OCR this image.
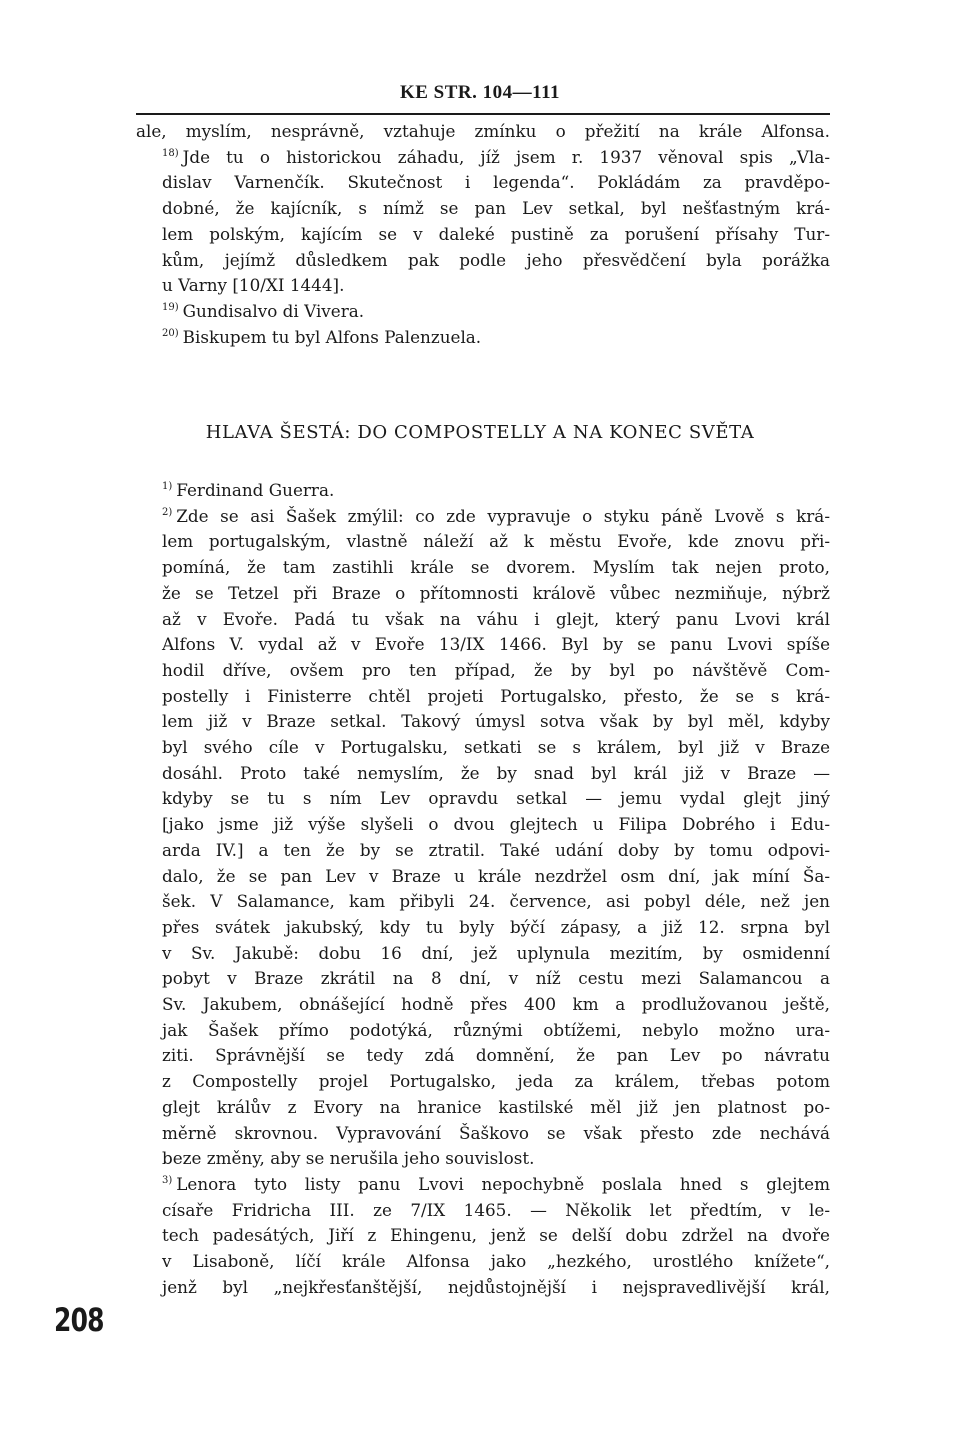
KE STR. 104—111
ale, myslím, nesprávně, vztahuje zmínku o přežití na krále Alfonsa.
$^{18)}$ Jde tu o historickou záhadu, jíž jsem r. 1937 věnoval spis „Vla-
dislav Varnenčík. Skutečnost i legenda“. Pokládám za pravděpo-
dobné, že kajícník, s nímž se pan Lev setkal, byl nešťastným krá-
lem polským, kajícím se v daleké pustině za porušení přísahy Tur-
kům, jejímž důsledkem pak podle jeho přesvědčení byla porážka
u Varny [10/XI 1444].
$^{19)}$ Gundisalvo di Vivera.
$^{20)}$ Biskupem tu byl Alfons Palenzuela.
HLAVA ŠESTÁ: DO COMPOSTELLY A NA KONEC SVĚTA
$^{1)}$ Ferdinand Guerra.
$^{2)}$ Zde se asi Šašek zmýlil: co zde vypravuje o styku páně Lvově s krá-
lem portugalským, vlastně náleží až k městu Evoře, kde znovu při-
pomíná, že tam zastihli krále se dvorem. Myslím tak nejen proto,
že se Tetzel při Braze o přítomnosti královĕ vůbec nezmiňuje, nýbrž
až v Evoře. Padá tu však na váhu i glejt, který panu Lvovi král
Alfons V. vydal až v Evoře 13/IX 1466. Byl by se panu Lvovi spíše
hodil dříve, ovšem pro ten případ, že by byl po návštěvě Com-
postelly i Finisterre chtěl projeti Portugalsko, přesto, že se s krá-
lem již v Braze setkal. Takový úmysl sotva však by byl měl, kdyby
byl svého cíle v Portugalsku, setkati se s králem, byl již v Braze
dosáhl. Proto také nemyslím, že by snad byl král již v Braze —
kdyby se tu s ním Lev opravdu setkal — jemu vydal glejt jiný
[jako jsme již výše slyšeli o dvou glejtech u Filipa Dobrého i Edu-
arda IV.] a ten že by se ztratil. Také udání doby by tomu odpovi-
dalo, že se pan Lev v Braze u krále nezdržel osm dní, jak míní Ša-
šek. V Salamance, kam přibyli 24. července, asi pobyl déle, než jen
přes svátek jakubský, kdy tu byly býčí zápasy, a již 12. srpna byl
v Sv. Jakubě: dobu 16 dní, jež uplynula mezitím, by osmidenní
pobyt v Braze zkrátil na 8 dní, v níž cestu mezi Salamancou a
Sv. Jakubem, obnášející hodně přes 400 km a prodlužovanou ještě,
jak Šašek přímo podotýká, různými obtížemi, nebylo možno ura-
ziti. Správnější se tedy zdá domnění, že pan Lev po návratu
z Compostelly projel Portugalsko, jeda za králem, třebas potom
glejt králův z Evory na hranice kastilské měl již jen platnost po-
měrně skrovnou. Vypravování Šaškovo se však přesto zde nechává
beze změny, aby se nerušila jeho souvislost.
$^{3)}$ Lenora tyto listy panu Lvovi nepochybně poslala hned s glejtem
císaře Fridricha III. ze 7/IX 1465. — Několik let předtím, v le-
tech padesátých, Jiří z Ehingenu, jenž se delší dobu zdržel na dvoře
v Lisaboně, líčí krále Alfonsa jako „hezkého, urostlého knížete“,
jenž byl „nejkřesťanštější, nejdůstojnější i nejspravedlivější král,
208
